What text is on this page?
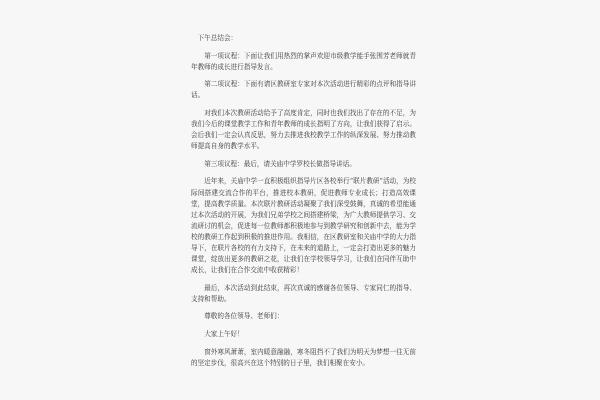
下午总结会：

第一项议程：下面让我们用热烈的掌声欢迎市级教学能手张围芳老师就青年教师的成长进行指导发言。

第二项议程：下面有请区教研室专家对本次活动进行精彩的点评和指导讲话。

对我们本次教研活动给予了高度肯定，同时也我们找出了存在的不足，为我们今后的课堂教学工作和青年教师的成长指明了方向，让我们获得了启示。会后我们一定会认真反思，努力去推进我校教学工作的纵深发展、努力推动教师提高自身的教学水平。

第三项议程：最后，请关庙中学罗校长做指导讲话。

近年来，关庙中学一直积极组织指导片区各校举行“联片教研”活动，为校际间搭建交流合作的平台，推进校本教研，促进教师专业成长；打造高效课堂，提高教学质量。本次联片教研活动凝聚了我们深受鼓舞，真诚的希望能通过本次活动的开展，为我们兄弟学校之间搭建桥梁，为广大教师提供学习、交流研讨的机会，促进每一位教师都积极地参与到教学研究和创新中去，能为学校的教研工作起到积极的推进作用。我相信，在区教研室和关庙中学的大力指导下，在联片各校的有力支持下，在未来的道路上，一定会打造出更多的魅力课堂，绽放出更多的教研之花，让我们在学校领导学习，让我们在同伴互助中成长，让我们在合作交流中收获精彩！

最后，本次活动到此结束，再次真诚的感谢各位领导、专家同仁的指导、支持和帮助。

尊敬的各位领导、老师们：

大家上午好！

窗外寒风萧萧，室内暖意融融，寒冬阻挡不了我们为明天为梦想一往无前的坚定步伐，很高兴在这个特别的日子里，我们相聚在安小。
